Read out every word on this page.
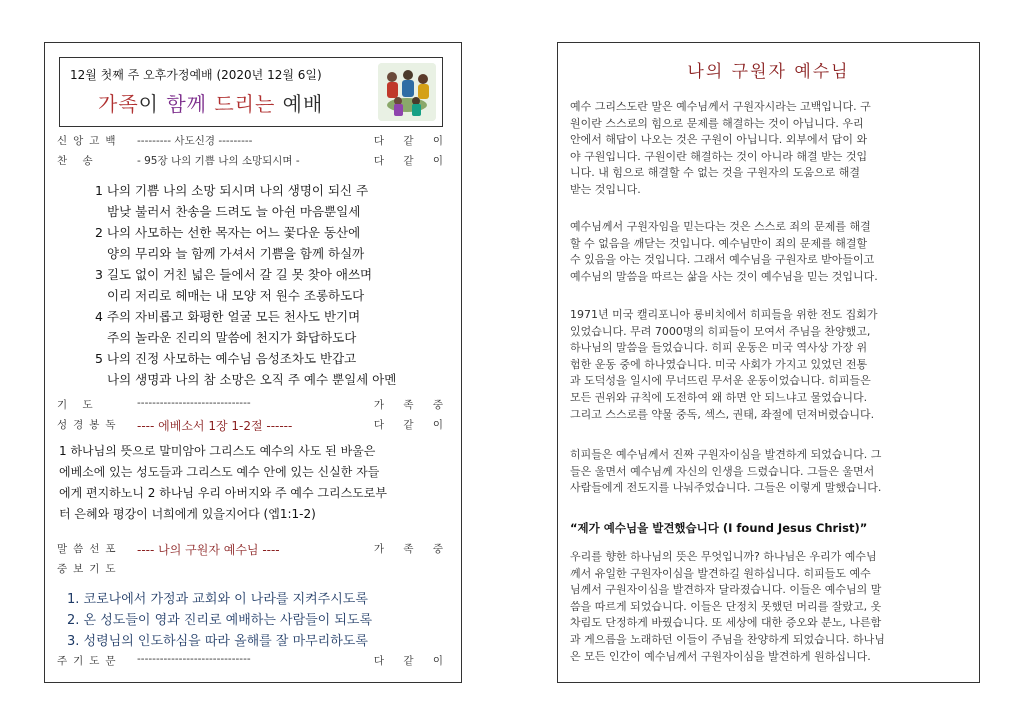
12월 첫째 주 오후가정예배 (2020년 12월 6일)
가족이 함께 드리는 예배
신앙고백 --------- 사도신경 ---------	다 같 이
찬 송	- 95장 나의 기쁨 나의 소망되시며 -	다 같 이
1 나의 기쁨 나의 소망 되시며 나의 생명이 되신 주
밤낮 불러서 찬송을 드려도 늘 아쉰 마음뿐일세
2 나의 사모하는 선한 목자는 어느 꽃다운 동산에
양의 무리와 늘 함께 가셔서 기쁨을 함께 하실까
3 길도 없이 거친 넓은 들에서 갈 길 못 찾아 애쓰며
이리 저리로 헤매는 내 모양 저 원수 조롱하도다
4 주의 자비롭고 화평한 얼굴 모든 천사도 반기며
주의 놀라운 진리의 말씀에 천지가 화답하도다
5 나의 진정 사모하는 예수님 음성조차도 반갑고
나의 생명과 나의 참 소망은 오직 주 예수 뿐일세 아멘
기 도	------------------------------	가 족 중
성경봉독 ---- 에베소서 1장 1-2절 ------	다 같 이
1 하나님의 뜻으로 말미암아 그리스도 예수의 사도 된 바울은
에베소에 있는 성도들과 그리스도 예수 안에 있는 신실한 자들
에게 편지하노니 2 하나님 우리 아버지와 주 예수 그리스도로부
터 은혜와 평강이 너희에게 있을지어다 (엡1:1-2)
말씀선포 ---- 나의 구원자 예수님 ----	가 족 중
중보기도
1. 코로나에서 가정과 교회와 이 나라를 지켜주시도록
2. 온 성도들이 영과 진리로 예배하는 사람들이 되도록
3. 성령님의 인도하심을 따라 올해를 잘 마무리하도록
주기도문 ------------------------------	다 같 이
나의 구원자 예수님
예수 그리스도란 말은 예수님께서 구원자시라는 고백입니다. 구
원이란 스스로의 힘으로 문제를 해결하는 것이 아닙니다. 우리
안에서 해답이 나오는 것은 구원이 아닙니다. 외부에서 답이 와
야 구원입니다. 구원이란 해결하는 것이 아니라 해결 받는 것입
니다. 내 힘으로 해결할 수 없는 것을 구원자의 도움으로 해결
받는 것입니다.
예수님께서 구원자임을 믿는다는 것은 스스로 죄의 문제를 해결
할 수 없음을 깨닫는 것입니다. 예수님만이 죄의 문제를 해결할
수 있음을 아는 것입니다. 그래서 예수님을 구원자로 받아들이고
예수님의 말씀을 따르는 삶을 사는 것이 예수님을 믿는 것입니다.
1971년 미국 캘리포니아 롱비치에서 히피들을 위한 전도 집회가
있었습니다. 무려 7000명의 히피들이 모여서 주님을 찬양했고,
하나님의 말씀을 들었습니다. 히피 운동은 미국 역사상 가장 위
험한 운동 중에 하나였습니다. 미국 사회가 가지고 있었던 전통
과 도덕성을 일시에 무너뜨린 무서운 운동이었습니다. 히피들은
모든 권위와 규칙에 도전하여 왜 하면 안 되느냐고 물었습니다.
그리고 스스로를 약물 중독, 섹스, 권태, 좌절에 던져버렸습니다.
히피들은 예수님께서 진짜 구원자이심을 발견하게 되었습니다. 그
들은 울면서 예수님께 자신의 인생을 드렸습니다. 그들은 울면서
사람들에게 전도지를 나눠주었습니다. 그들은 이렇게 말했습니다.
“제가 예수님을 발견했습니다 (I found Jesus Christ)”
우리를 향한 하나님의 뜻은 무엇입니까? 하나님은 우리가 예수님
께서 유일한 구원자이심을 발견하길 원하십니다. 히피들도 예수
님께서 구원자이심을 발견하자 달라졌습니다. 이들은 예수님의 말
씀을 따르게 되었습니다. 이들은 단정치 못했던 머리를 잘랐고, 옷
차림도 단정하게 바꿨습니다. 또 세상에 대한 증오와 분노, 나른함
과 게으름을 노래하던 이들이 주님을 찬양하게 되었습니다. 하나님
은 모든 인간이 예수님께서 구원자이심을 발견하게 원하십니다.
